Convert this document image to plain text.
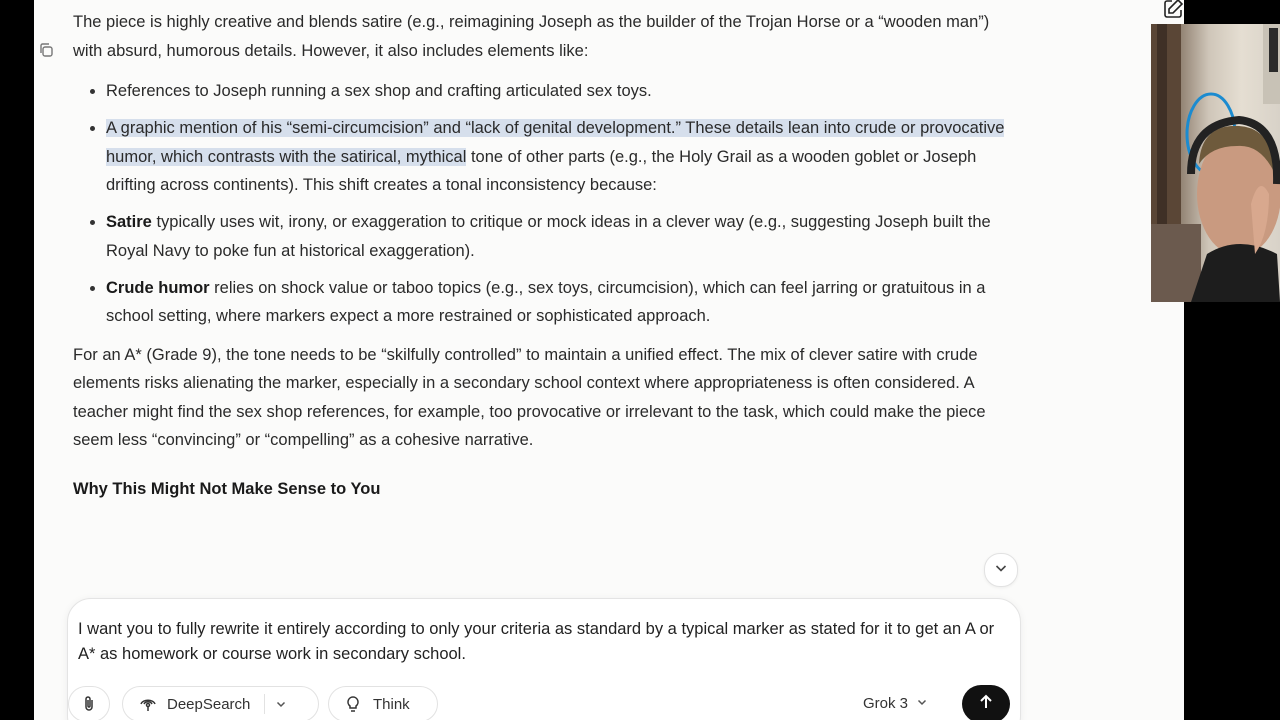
The piece is highly creative and blends satire (e.g., reimagining Joseph as the builder of the Trojan Horse or a “wooden man”) with absurd, humorous details. However, it also includes elements like:

• References to Joseph running a sex shop and crafting articulated sex toys.
• A graphic mention of his “semi-circumcision” and “lack of genital development.” These details lean into crude or provocative humor, which contrasts with the satirical, mythical tone of other parts (e.g., the Holy Grail as a wooden goblet or Joseph drifting across continents). This shift creates a tonal inconsistency because:
• Satire typically uses wit, irony, or exaggeration to critique or mock ideas in a clever way (e.g., suggesting Joseph built the Royal Navy to poke fun at historical exaggeration).
• Crude humor relies on shock value or taboo topics (e.g., sex toys, circumcision), which can feel jarring or gratuitous in a school setting, where markers expect a more restrained or sophisticated approach.

For an A* (Grade 9), the tone needs to be “skilfully controlled” to maintain a unified effect. The mix of clever satire with crude elements risks alienating the marker, especially in a secondary school context where appropriateness is often considered. A teacher might find the sex shop references, for example, too provocative or irrelevant to the task, which could make the piece seem less “convincing” or “compelling” as a cohesive narrative.

Why This Might Not Make Sense to You
I want you to fully rewrite it entirely according to only your criteria as standard by a typical marker as stated for it to get an A or A* as homework or course work in secondary school.
DeepSearch	Think	Grok 3
